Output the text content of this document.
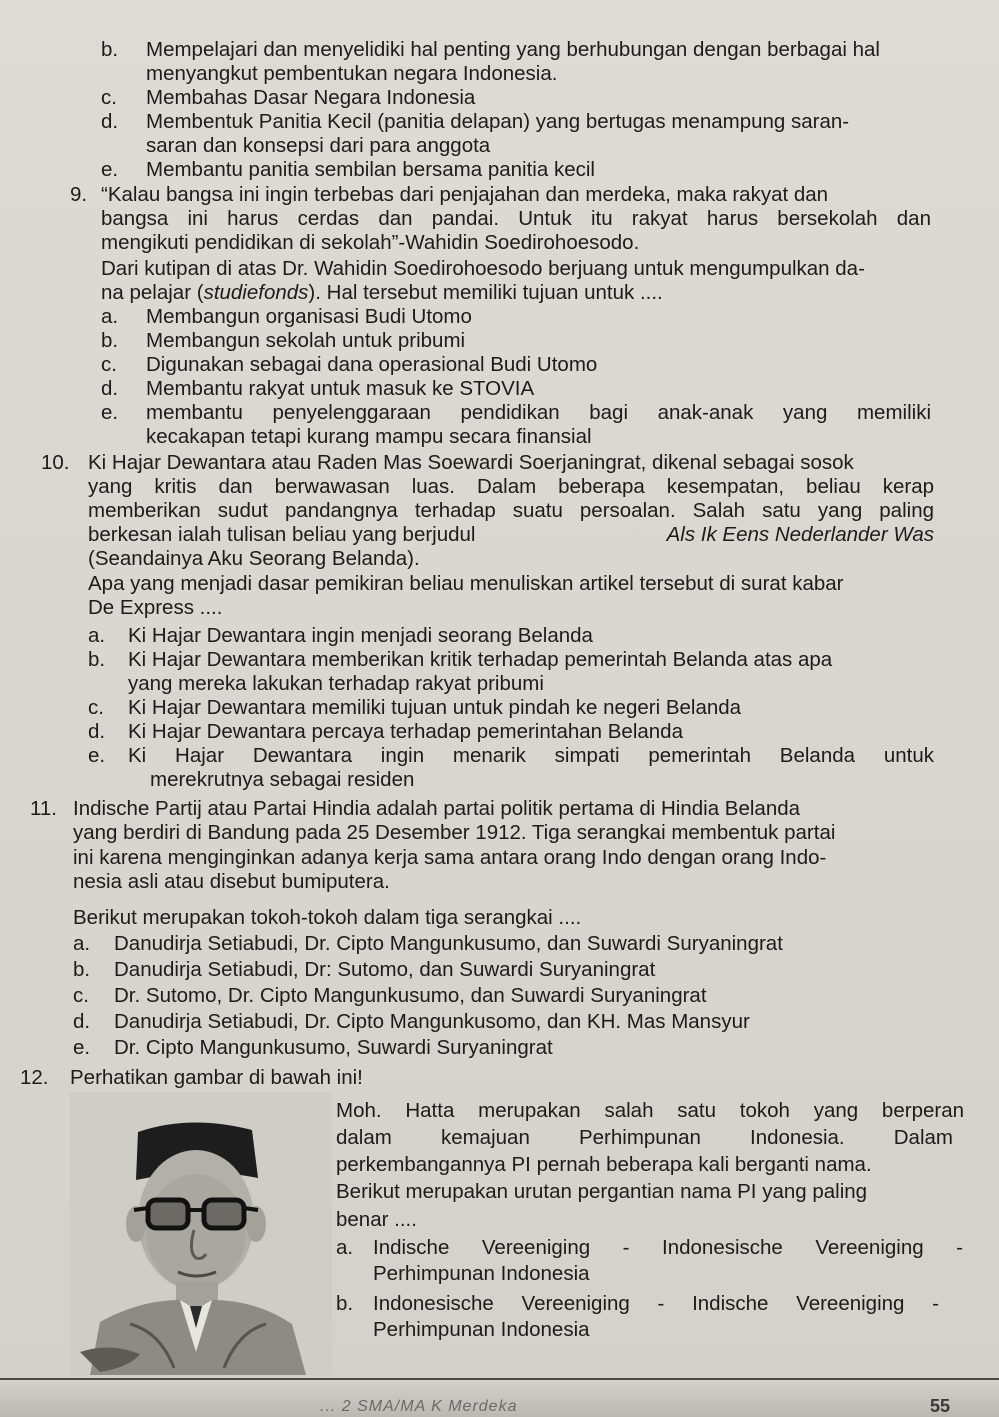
b. Mempelajari dan menyelidiki hal penting yang berhubungan dengan berbagai hal
menyangkut pembentukan negara Indonesia.
c. Membahas Dasar Negara Indonesia
d. Membentuk Panitia Kecil (panitia delapan) yang bertugas menampung saran-
saran dan konsepsi dari para anggota
e. Membantu panitia sembilan bersama panitia kecil
9. “Kalau bangsa ini ingin terbebas dari penjajahan dan merdeka, maka rakyat dan
bangsa ini harus cerdas dan pandai. Untuk itu rakyat harus bersekolah dan
mengikuti pendidikan di sekolah”-Wahidin Soedirohoesodo.
Dari kutipan di atas Dr. Wahidin Soedirohoesodo berjuang untuk mengumpulkan da-
na pelajar (studiefonds). Hal tersebut memiliki tujuan untuk ....
a. Membangun organisasi Budi Utomo
b. Membangun sekolah untuk pribumi
c. Digunakan sebagai dana operasional Budi Utomo
d. Membantu rakyat untuk masuk ke STOVIA
e. membantu penyelenggaraan pendidikan bagi anak-anak yang memiliki
kecakapan tetapi kurang mampu secara finansial
10. Ki Hajar Dewantara atau Raden Mas Soewardi Soerjaningrat, dikenal sebagai sosok
yang kritis dan berwawasan luas. Dalam beberapa kesempatan, beliau kerap
memberikan sudut pandangnya terhadap suatu persoalan. Salah satu yang paling
berkesan ialah tulisan beliau yang berjudul	Als Ik Eens Nederlander Was
(Seandainya Aku Seorang Belanda).
Apa yang menjadi dasar pemikiran beliau menuliskan artikel tersebut di surat kabar
De Express ....
a. Ki Hajar Dewantara ingin menjadi seorang Belanda
b. Ki Hajar Dewantara memberikan kritik terhadap pemerintah Belanda atas apa
yang mereka lakukan terhadap rakyat pribumi
c. Ki Hajar Dewantara memiliki tujuan untuk pindah ke negeri Belanda
d. Ki Hajar Dewantara percaya terhadap pemerintahan Belanda
e. Ki Hajar Dewantara ingin menarik simpati pemerintah Belanda untuk
merekrutnya sebagai residen
11. Indische Partij atau Partai Hindia adalah partai politik pertama di Hindia Belanda
yang berdiri di Bandung pada 25 Desember 1912. Tiga serangkai membentuk partai
ini karena menginginkan adanya kerja sama antara orang Indo dengan orang Indo-
nesia asli atau disebut bumiputera.
Berikut merupakan tokoh-tokoh dalam tiga serangkai ....
a. Danudirja Setiabudi, Dr. Cipto Mangunkusumo, dan Suwardi Suryaningrat
b. Danudirja Setiabudi, Dr: Sutomo, dan Suwardi Suryaningrat
c. Dr. Sutomo, Dr. Cipto Mangunkusumo, dan Suwardi Suryaningrat
d. Danudirja Setiabudi, Dr. Cipto Mangunkusomo, dan KH. Mas Mansyur
e. Dr. Cipto Mangunkusumo, Suwardi Suryaningrat
12. Perhatikan gambar di bawah ini!
Moh. Hatta merupakan salah satu tokoh yang berperan
dalam kemajuan Perhimpunan Indonesia. Dalam
perkembangannya PI pernah beberapa kali berganti nama.
Berikut merupakan urutan pergantian nama PI yang paling
benar ....
a. Indische Vereeniging - Indonesische Vereeniging -
Perhimpunan Indonesia
b. Indonesische Vereeniging - Indische Vereeniging -
Perhimpunan Indonesia
... 2 SMA/MA K Merdeka	55
